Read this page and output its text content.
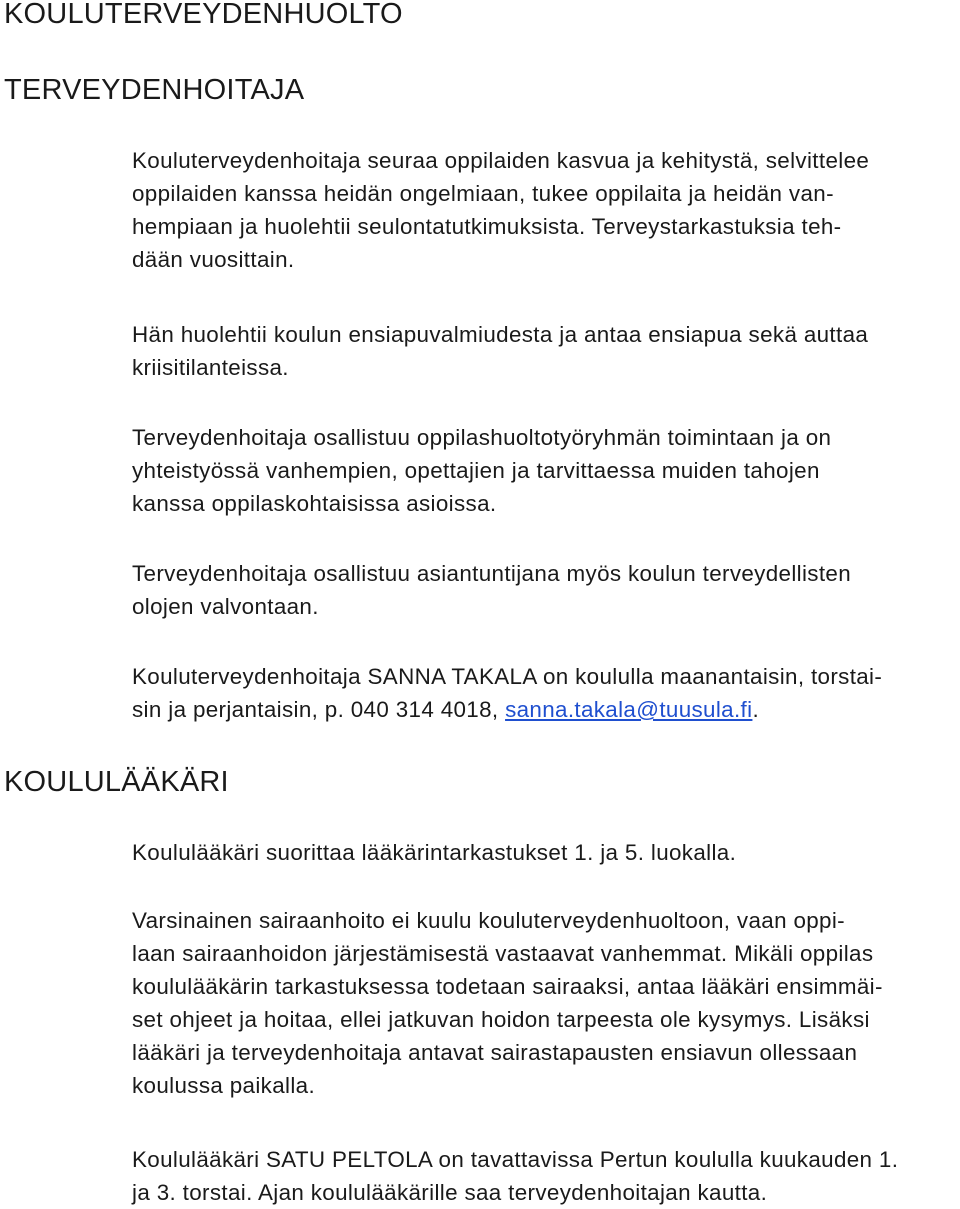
KOULUTERVEYDENHUOLTO
TERVEYDENHOITAJA
Kouluterveydenhoitaja seuraa oppilaiden kasvua ja kehitystä, selvittelee
oppilaiden kanssa heidän ongelmiaan, tukee oppilaita ja heidän van-
hempiaan ja huolehtii seulontatutkimuksista. Terveystarkastuksia teh-
dään vuosittain.
Hän huolehtii koulun ensiapuvalmiudesta ja antaa ensiapua sekä auttaa
kriisitilanteissa.
Terveydenhoitaja osallistuu oppilashuoltotyöryhmän toimintaan ja on
yhteistyössä vanhempien, opettajien ja tarvittaessa muiden tahojen
kanssa oppilaskohtaisissa asioissa.
Terveydenhoitaja osallistuu asiantuntijana myös koulun terveydellisten
olojen valvontaan.
Kouluterveydenhoitaja SANNA TAKALA on koululla maanantaisin, torstai-
sin ja perjantaisin, p. 040 314 4018, sanna.takala@tuusula.fi.
KOULULÄÄKÄRI
Koululääkäri suorittaa lääkärintarkastukset 1. ja 5. luokalla.
Varsinainen sairaanhoito ei kuulu kouluterveydenhuoltoon, vaan oppi-
laan sairaanhoidon järjestämisestä vastaavat vanhemmat. Mikäli oppilas
koululääkärin tarkastuksessa todetaan sairaaksi, antaa lääkäri ensimmäi-
set ohjeet ja hoitaa, ellei jatkuvan hoidon tarpeesta ole kysymys. Lisäksi
lääkäri ja terveydenhoitaja antavat sairastapausten ensiavun ollessaan
koulussa paikalla.
Koululääkäri SATU PELTOLA on tavattavissa Pertun koululla kuukauden 1.
ja 3. torstai. Ajan koululääkärille saa terveydenhoitajan kautta.
